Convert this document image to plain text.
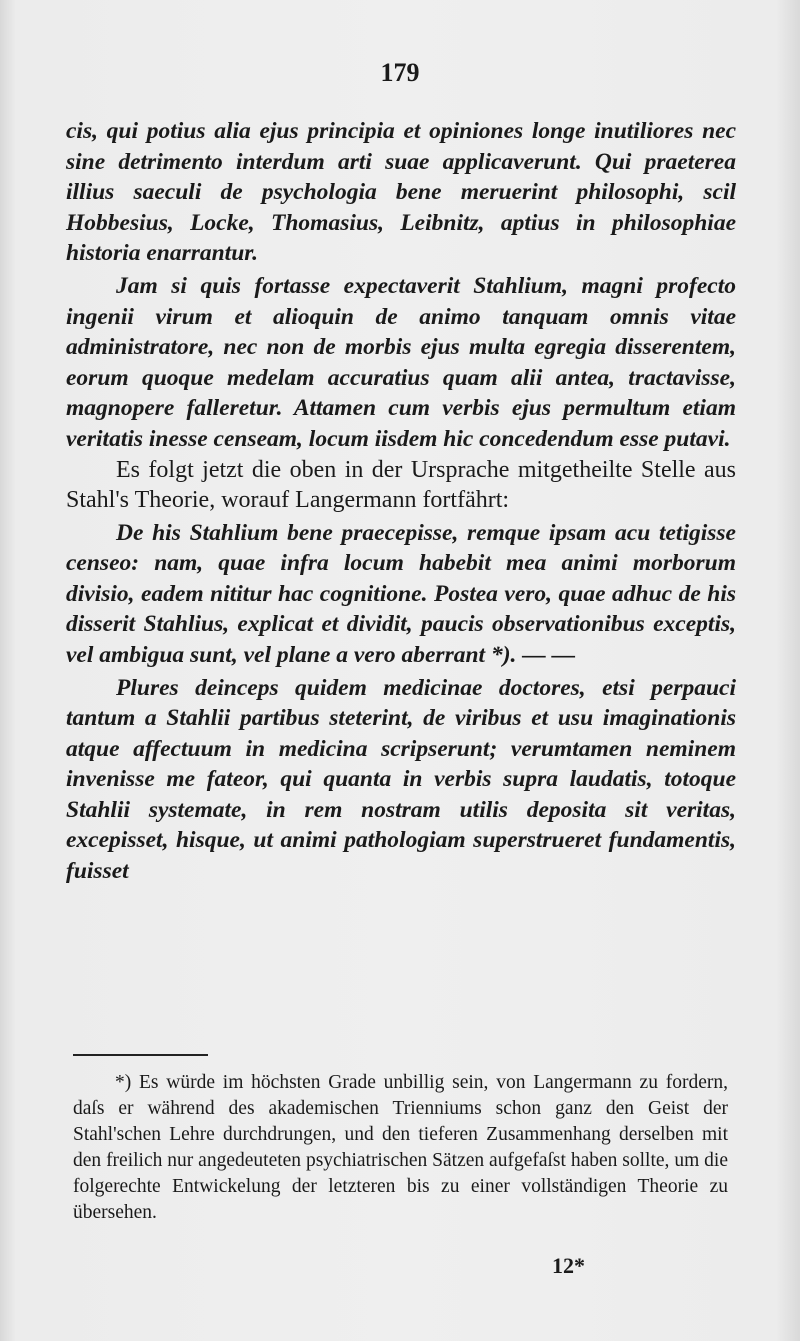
179

cis, qui potius alia ejus principia et opiniones longe inutiliores nec sine detrimento interdum arti suae applicaverunt. Qui praeterea illius saeculi de psychologia bene meruerint philosophi, scil Hobbesius, Locke, Thomasius, Leibnitz, aptius in philosophiae historia enarrantur.

Jam si quis fortasse expectaverit Stahlium, magni profecto ingenii virum et alioquin de animo tanquam omnis vitae administratore, nec non de morbis ejus multa egregia disserentem, eorum quoque medelam accuratius quam alii antea, tractavisse, magnopere falleretur. Attamen cum verbis ejus permultum etiam veritatis inesse censeam, locum iisdem hic concedendum esse putavi.

Es folgt jetzt die oben in der Ursprache mitgetheilte Stelle aus Stahl's Theorie, worauf Langermann fortfährt:

De his Stahlium bene praecepisse, remque ipsam acu tetigisse censeo: nam, quae infra locum habebit mea animi morborum divisio, eadem nititur hac cognitione. Postea vero, quae adhuc de his disserit Stahlius, explicat et dividit, paucis observationibus exceptis, vel ambigua sunt, vel plane a vero aberrant *). — —

Plures deinceps quidem medicinae doctores, etsi perpauci tantum a Stahlii partibus steterint, de viribus et usu imaginationis atque affectuum in medicina scripserunt; verumtamen neminem invenisse me fateor, qui quanta in verbis supra laudatis, totoque Stahlii systemate, in rem nostram utilis deposita sit veritas, excepisset, hisque, ut animi pathologiam superstrueret fundamentis, fuisset

*) Es würde im höchsten Grade unbillig sein, von Langermann zu fordern, daſs er während des akademischen Trienniums schon ganz den Geist der Stahl'schen Lehre durchdrungen, und den tieferen Zusammenhang derselben mit den freilich nur angedeuteten psychiatrischen Sätzen aufgefaſst haben sollte, um die folgerechte Entwickelung der letzteren bis zu einer vollständigen Theorie zu übersehen.

12*
